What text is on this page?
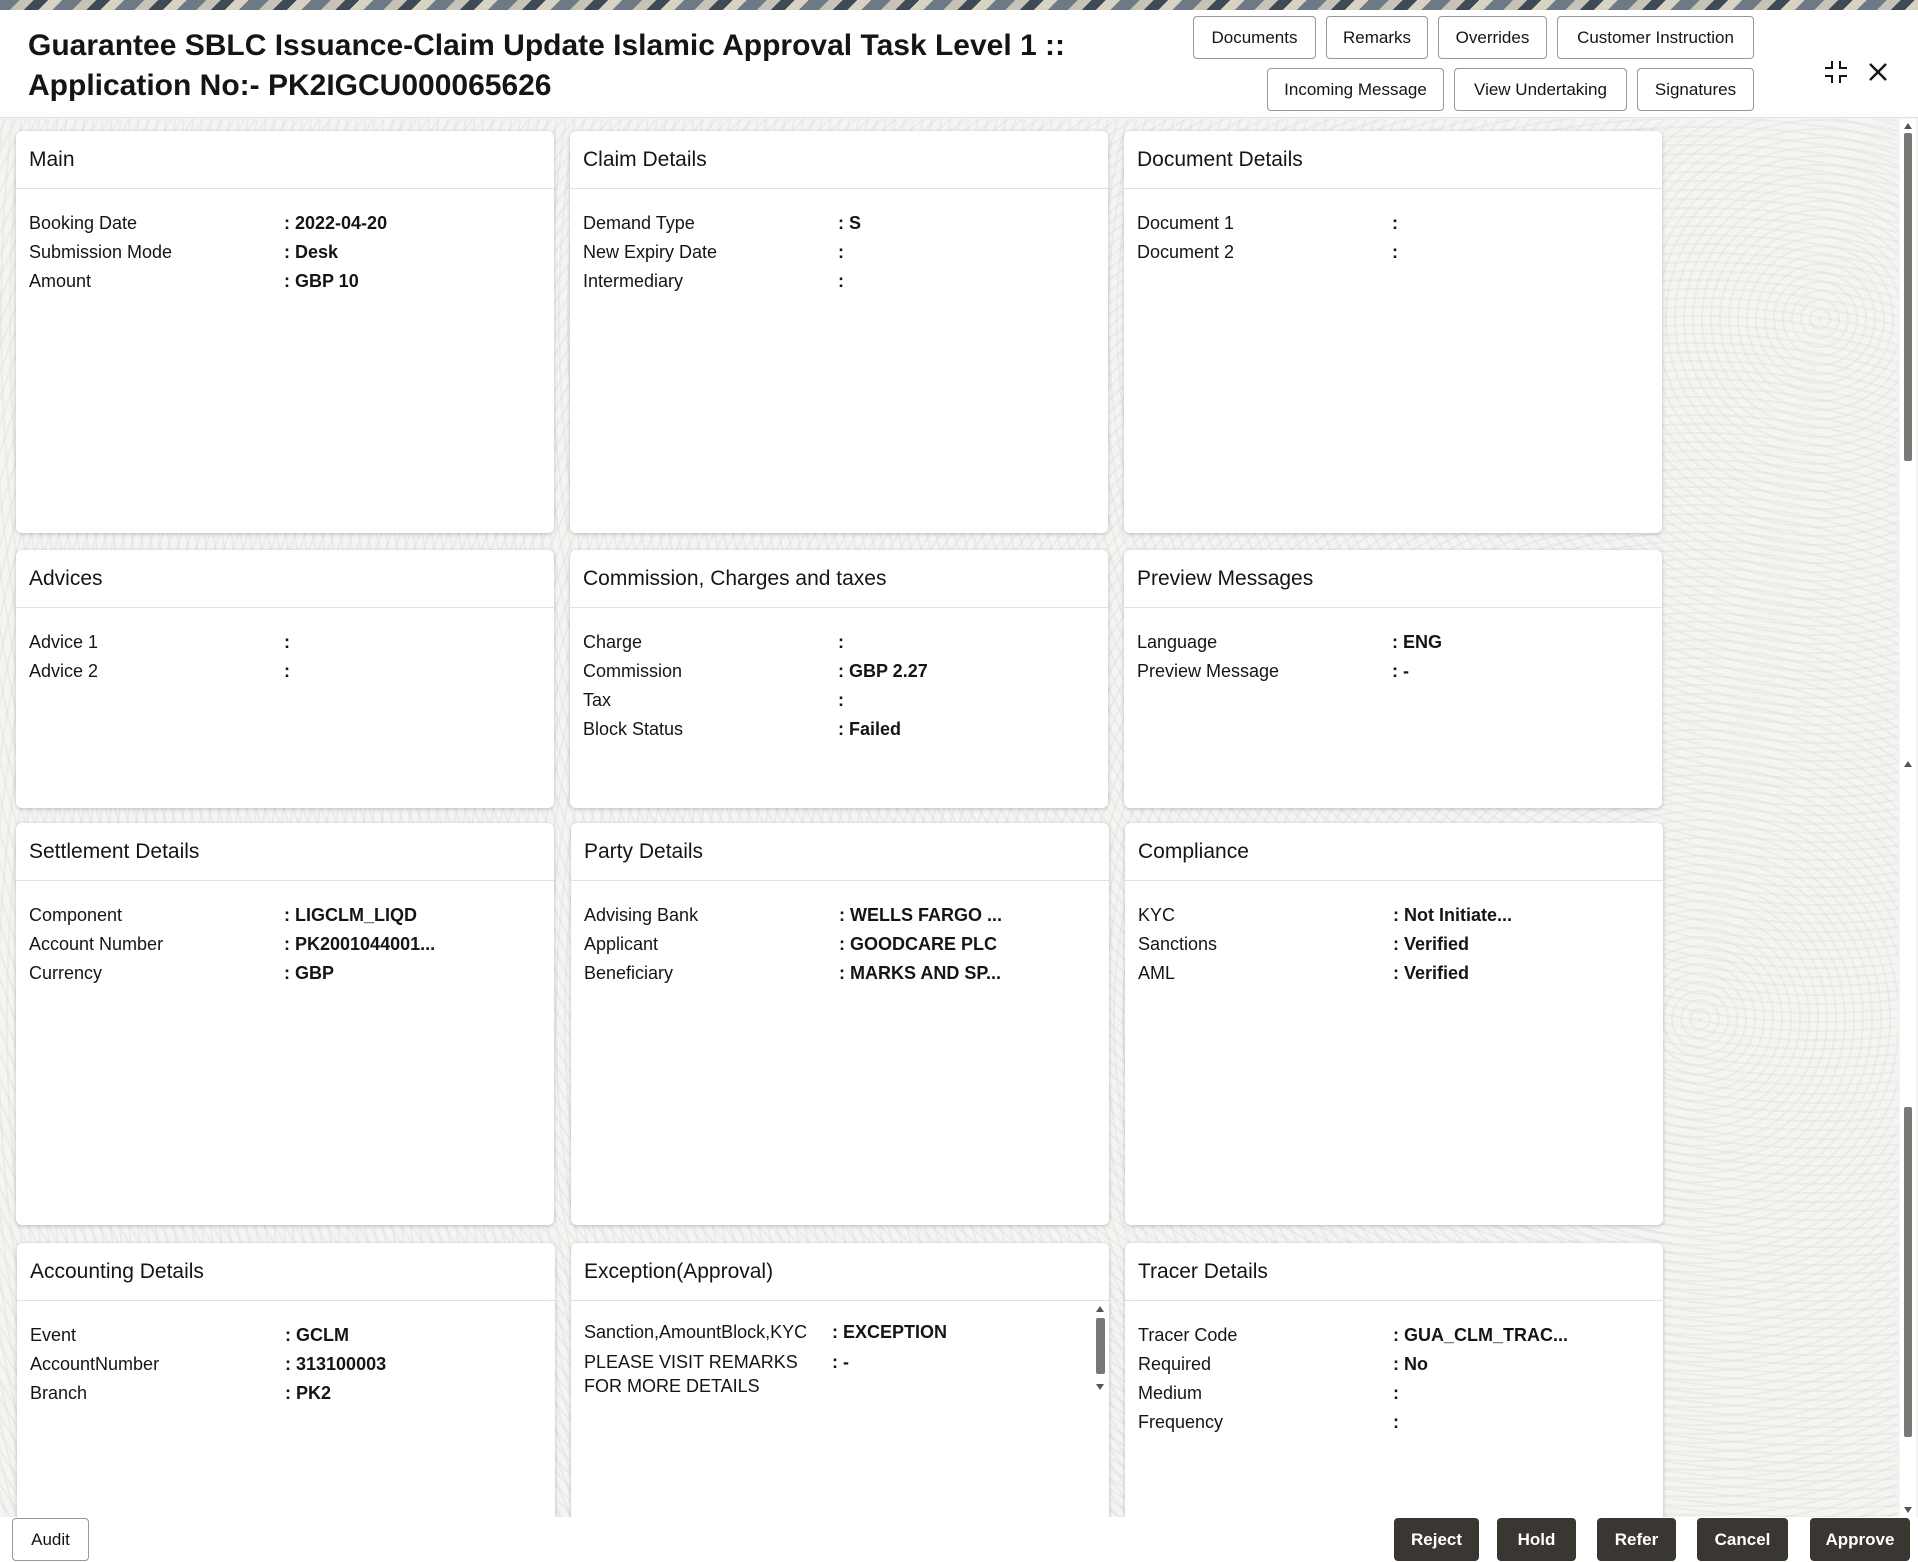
Guarantee SBLC Issuance-Claim Update Islamic Approval Task Level 1 ::
Application No:- PK2IGCU000065626
Documents	Remarks	Overrides	Customer Instruction
Incoming Message	View Undertaking	Signatures
Main
Booking Date	: 2022-04-20
Submission Mode	: Desk
Amount	: GBP 10
Claim Details
Demand Type	: S
New Expiry Date
:
Intermediary
:
Document Details
Document 1
:
Document 2
:
Advices
Advice 1
:
Advice 2
:
Commission, Charges and taxes
Charge
:
Commission	: GBP 2.27
Tax
:
Block Status	: Failed
Preview Messages
Language	: ENG
Preview Message	: -
Settlement Details
Component	: LIGCLM_LIQD
Account Number	: PK2001044001...
Currency	: GBP
Party Details
Advising Bank	: WELLS FARGO ...
Applicant	: GOODCARE PLC
Beneficiary	: MARKS AND SP...
Compliance
KYC	: Not Initiate...
Sanctions	: Verified
AML	: Verified
Accounting Details
Event	: GCLM
AccountNumber	: 313100003
Branch	: PK2
Exception(Approval)
Sanction,AmountBlock,KYC	: EXCEPTION
PLEASE VISIT REMARKS FOR MORE DETAILS
: -
Tracer Details
Tracer Code	: GUA_CLM_TRAC...
Required	: No
Medium
:
Frequency
:
Audit	Reject	Hold	Refer	Cancel	Approve
